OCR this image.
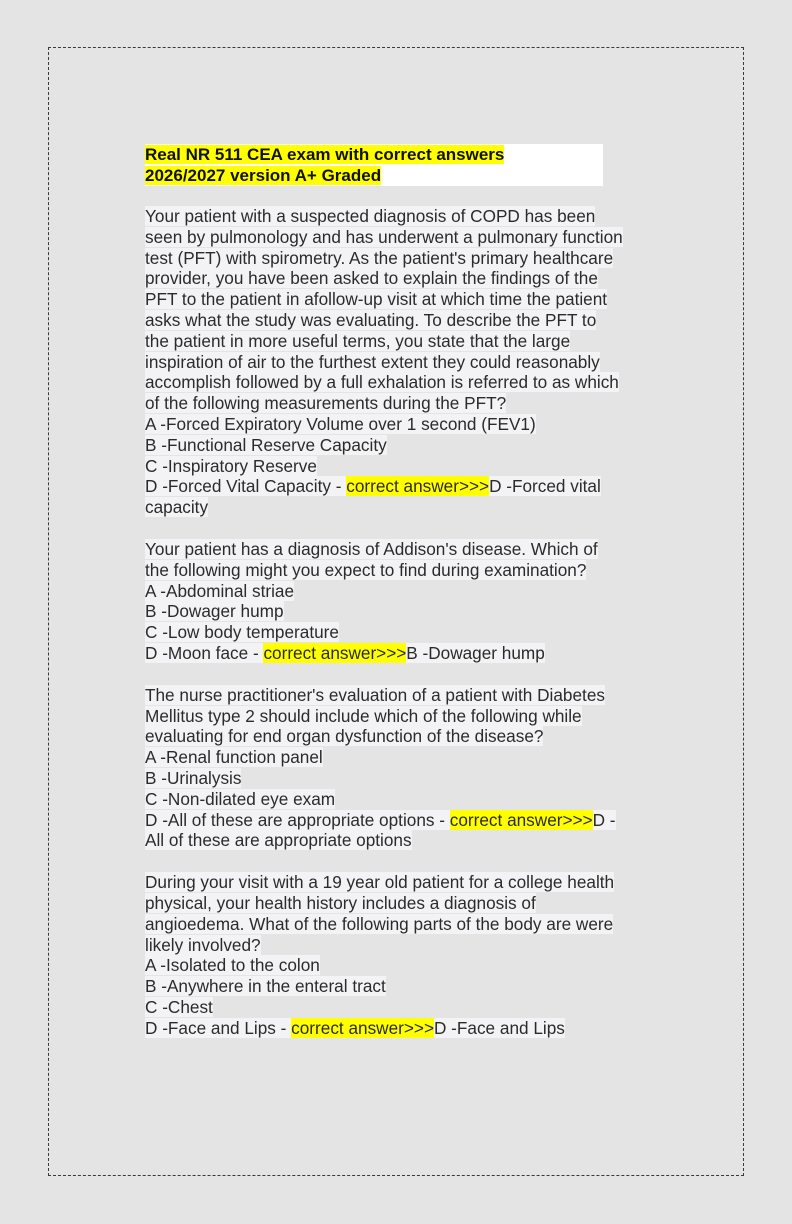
Real NR 511 CEA exam with correct answers
2026/2027 version A+ Graded
Your patient with a suspected diagnosis of COPD has been
seen by pulmonology and has underwent a pulmonary function
test (PFT) with spirometry. As the patient's primary healthcare
provider, you have been asked to explain the findings of the
PFT to the patient in afollow-up visit at which time the patient
asks what the study was evaluating. To describe the PFT to
the patient in more useful terms, you state that the large
inspiration of air to the furthest extent they could reasonably
accomplish followed by a full exhalation is referred to as which
of the following measurements during the PFT?
A -Forced Expiratory Volume over 1 second (FEV1)
B -Functional Reserve Capacity
C -Inspiratory Reserve
D -Forced Vital Capacity - correct answer>>>D -Forced vital
capacity
Your patient has a diagnosis of Addison's disease. Which of
the following might you expect to find during examination?
A -Abdominal striae
B -Dowager hump
C -Low body temperature
D -Moon face - correct answer>>>B -Dowager hump
The nurse practitioner's evaluation of a patient with Diabetes
Mellitus type 2 should include which of the following while
evaluating for end organ dysfunction of the disease?
A -Renal function panel
B -Urinalysis
C -Non-dilated eye exam
D -All of these are appropriate options - correct answer>>>D -
All of these are appropriate options
During your visit with a 19 year old patient for a college health
physical, your health history includes a diagnosis of
angioedema. What of the following parts of the body are were
likely involved?
A -Isolated to the colon
B -Anywhere in the enteral tract
C -Chest
D -Face and Lips - correct answer>>>D -Face and Lips
